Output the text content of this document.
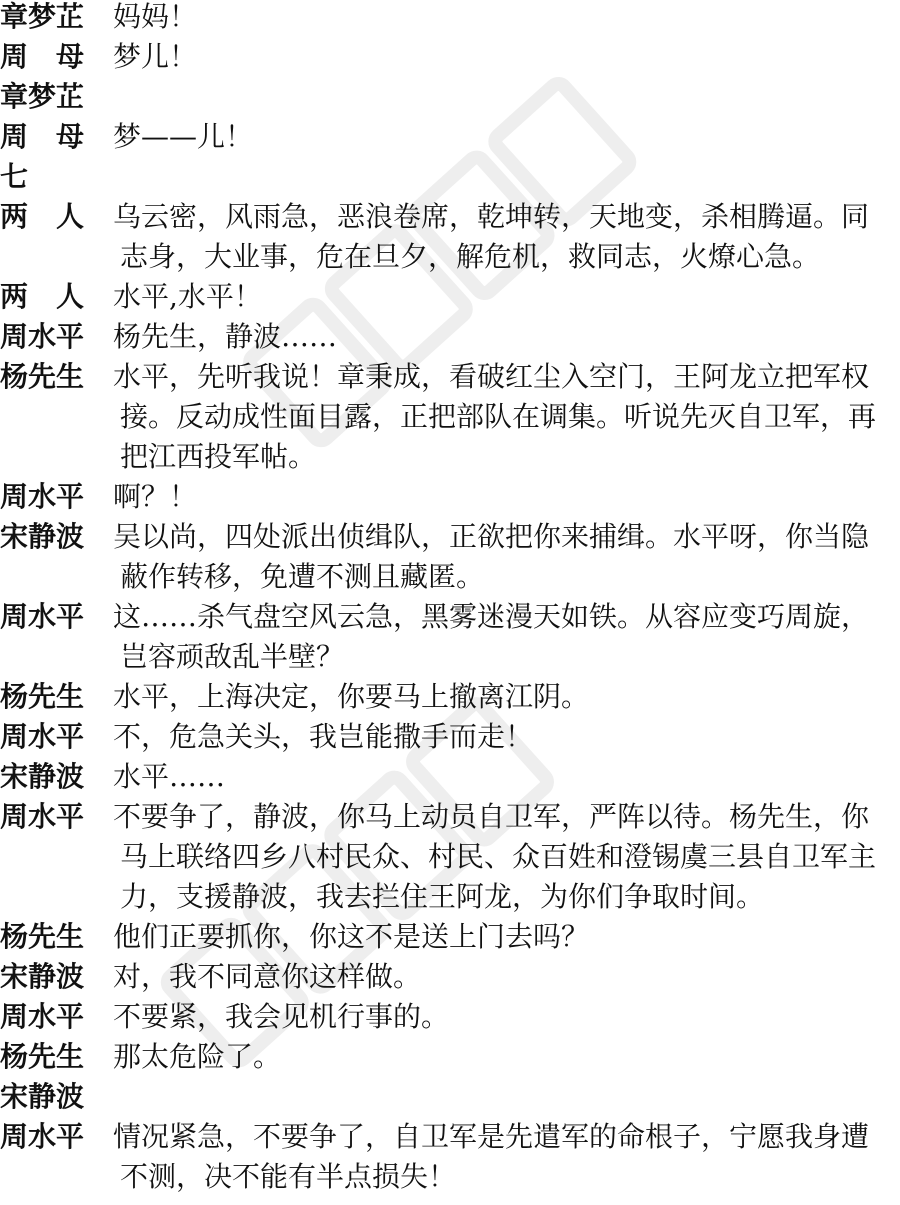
章梦芷	妈妈！
周　母	梦儿！
章梦芷
周　母	梦——儿！
七
两　人	乌云密，风雨急，恶浪卷席，乾坤转，天地变，杀相腾逼。同
志身，大业事，危在旦夕，解危机，救同志，火燎心急。
两　人	水平,水平！
周水平	杨先生，静波……
杨先生	水平，先听我说！章秉成，看破红尘入空门，王阿龙立把军权
接。反动成性面目露，正把部队在调集。听说先灭自卫军，再
把江西投军帖。
周水平	啊？！
宋静波	吴以尚，四处派出侦缉队，正欲把你来捕缉。水平呀，你当隐
蔽作转移，免遭不测且藏匿。
周水平	这……杀气盘空风云急，黑雾迷漫天如铁。从容应变巧周旋，
岂容顽敌乱半壁？
杨先生	水平，上海决定，你要马上撤离江阴。
周水平	不，危急关头，我岂能撒手而走！
宋静波	水平……
周水平	不要争了，静波，你马上动员自卫军，严阵以待。杨先生，你
马上联络四乡八村民众、村民、众百姓和澄锡虞三县自卫军主
力，支援静波，我去拦住王阿龙，为你们争取时间。
杨先生	他们正要抓你，你这不是送上门去吗？
宋静波	对，我不同意你这样做。
周水平	不要紧，我会见机行事的。
杨先生	那太危险了。
宋静波
周水平	情况紧急，不要争了，自卫军是先遣军的命根子，宁愿我身遭
不测，决不能有半点损失！
